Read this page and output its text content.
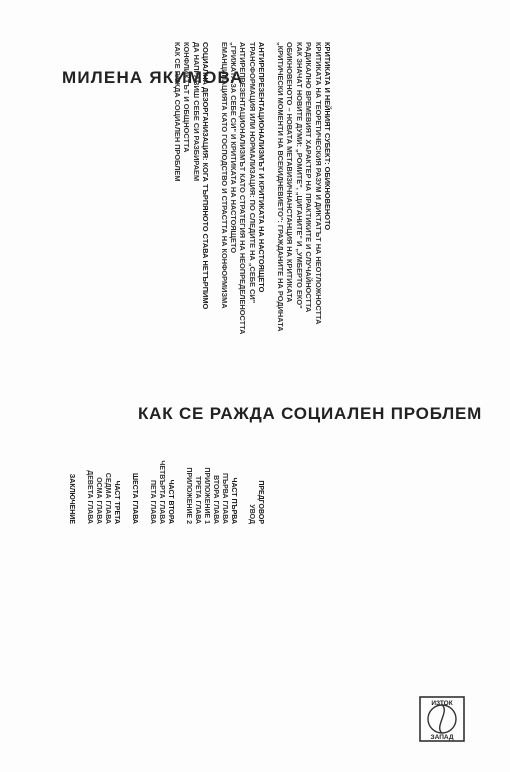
МИЛЕНА ЯКИМОВА	КРИТИКАТА И НЕЙНИЯТ СУБЕКТ: ОБИКНОВЕНОТО
КРИТИКАТА НА ТЕОРЕТИЧЕСКИЯ РАЗУМ И ДИКТАТЪТ НА НЕОТЛОЖНОСТТА
РАДИКАЛНО ВРЕМЕВИЯТ ХАРАКТЕР НА ПРАКТИКИТЕ И СЛУЧАЙНОСТТА
КАК ЗНАЧАТ НОВИТЕ ДУМИ: „РОМИТЕ", „ЦИГАНИТЕ" И „УМБЕРТО ЕКО"
ОБИКНОВЕНОТО – НОВАТА МЕТАВИЗИЧНАНСТАНЦИЯ НА КРИТИКАТА
„КРИТИЧЕСКИ МОМЕНТИ НА ВСЕКИДНЕВИЕТО": ГРАЖДАНИТЕ НА РОДИНАТА
АНТИРЕПРЕЗЕНТАЦИОНАЛИЗМЪТ И КРИТИКАТА НА НАСТОЯЩЕТО
ТРАНСФОРМАЦИЯ ИЛИ НОРМАЛИЗАЦИЯ: ПО СЛЕДИТЕ НА „СЕБЕ СИ"
АНТИРЕПРЕЗЕНТАЦИОНАЛИЗМЪТ КАТО СТРАТЕГИЯ НА НЕОПРЕДЕЛЕНОСТТА
„ГРИЖАТА ЗА СЕБЕ СИ" И КРИТИКАТА НА НАСТОЯЩЕТО
ЕМАНЦИПАЦИЯТА КАТО ГОСПОДСТВО И СТРАСТТА НА КОНФОРМИЗМА
СОЦИАЛНА ДЕЗОРГАНИЗАЦИЯ: КОГА ТЪРПЯНОТО СТАВА НЕТЪРПИМО
ДА НАПРАВИШ СЕБЕ СИ РАЗБИРАЕМ
КОНФЛИКТЪТ И ОБЩНОСТТА
КАК СЕ РАЖДА СОЦИАЛЕН ПРОБЛЕМ
КАК СЕ РАЖДА СОЦИАЛЕН ПРОБЛЕМ
ПРЕДГОВОР
УВОД
ЧАСТ ПЪРВА
ПЪРВА ГЛАВА
ВТОРА ГЛАВА
ПРИЛОЖЕНИЕ 1
ТРЕТА ГЛАВА
ПРИЛОЖЕНИЕ 2
ЧАСТ ВТОРА
ЧЕТВЪРТА ГЛАВА
ПЕТА ГЛАВА
ШЕСТА ГЛАВА
ЧАСТ ТРЕТА
СЕДМА ГЛАВА
ОСМА ГЛАВА
ДЕВЕТА ГЛАВА
ЗАКЛЮЧЕНИЕ
ИЗТОК
ЗАПАД
